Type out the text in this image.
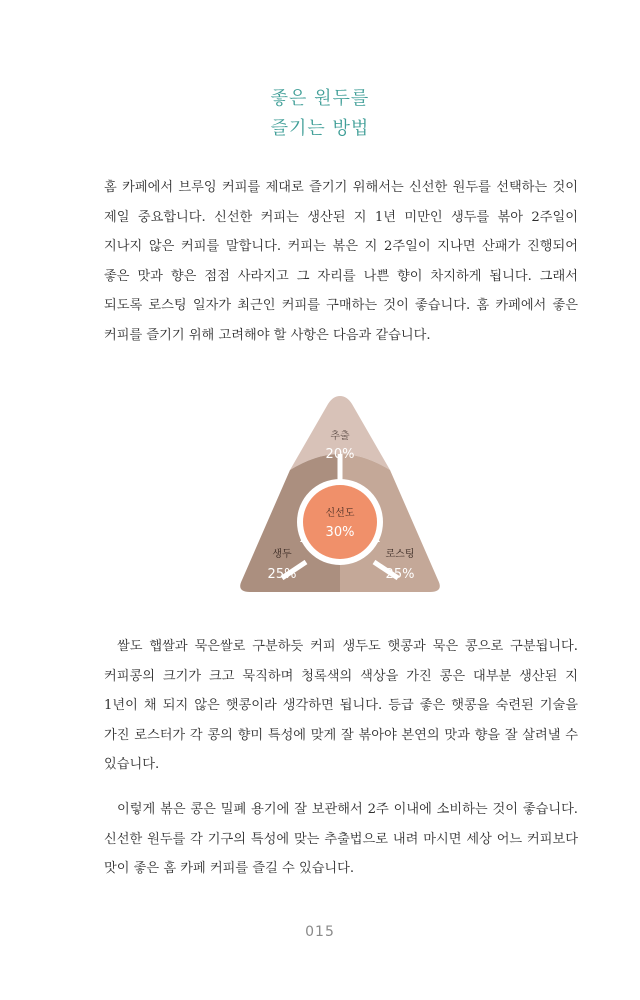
좋은 원두를
즐기는 방법

홈 카페에서 브루잉 커피를 제대로 즐기기 위해서는 신선한 원두를 선택하는 것이 제일 중요합니다. 신선한 커피는 생산된 지 1년 미만인 생두를 볶아 2주일이 지나지 않은 커피를 말합니다. 커피는 볶은 지 2주일이 지나면 산패가 진행되어 좋은 맛과 향은 점점 사라지고 그 자리를 나쁜 향이 차지하게 됩니다. 그래서 되도록 로스팅 일자가 최근인 커피를 구매하는 것이 좋습니다. 홈 카페에서 좋은 커피를 즐기기 위해 고려해야 할 사항은 다음과 같습니다.

추출
20%
신선도
30%
생두
25%
로스팅
25%

쌀도 햅쌀과 묵은쌀로 구분하듯 커피 생두도 햇콩과 묵은 콩으로 구분됩니다. 커피콩의 크기가 크고 묵직하며 청록색의 색상을 가진 콩은 대부분 생산된 지 1년이 채 되지 않은 햇콩이라 생각하면 됩니다. 등급 좋은 햇콩을 숙련된 기술을 가진 로스터가 각 콩의 향미 특성에 맞게 잘 볶아야 본연의 맛과 향을 잘 살려낼 수 있습니다.

이렇게 볶은 콩은 밀폐 용기에 잘 보관해서 2주 이내에 소비하는 것이 좋습니다. 신선한 원두를 각 기구의 특성에 맞는 추출법으로 내려 마시면 세상 어느 커피보다 맛이 좋은 홈 카페 커피를 즐길 수 있습니다.

015
